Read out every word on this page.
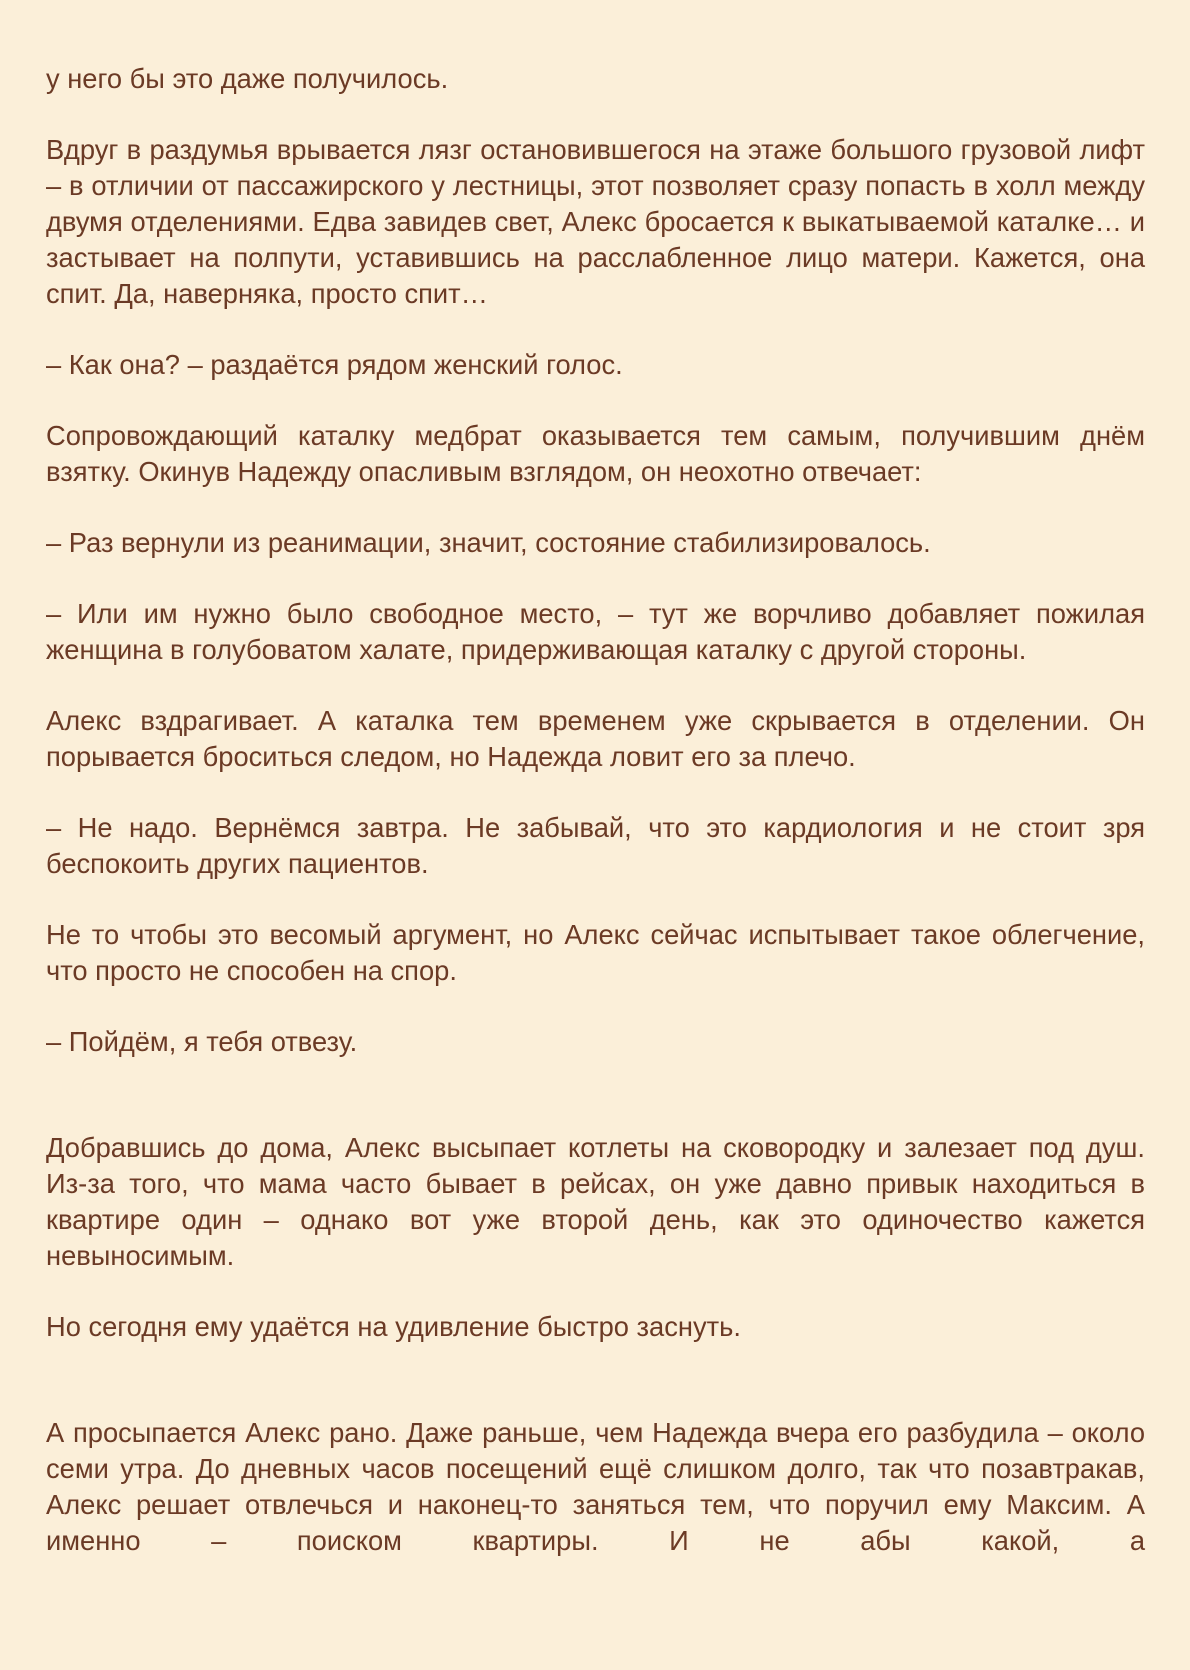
у него бы это даже получилось.

Вдруг в раздумья врывается лязг остановившегося на этаже большого грузовой лифт – в отличии от пассажирского у лестницы, этот позволяет сразу попасть в холл между двумя отделениями. Едва завидев свет, Алекс бросается к выкатываемой каталке… и застывает на полпути, уставившись на расслабленное лицо матери. Кажется, она спит. Да, наверняка, просто спит…

– Как она? – раздаётся рядом женский голос.

Сопровождающий каталку медбрат оказывается тем самым, получившим днём взятку. Окинув Надежду опасливым взглядом, он неохотно отвечает:

– Раз вернули из реанимации, значит, состояние стабилизировалось.

– Или им нужно было свободное место, – тут же ворчливо добавляет пожилая женщина в голубоватом халате, придерживающая каталку с другой стороны.

Алекс вздрагивает. А каталка тем временем уже скрывается в отделении. Он порывается броситься следом, но Надежда ловит его за плечо.

– Не надо. Вернёмся завтра. Не забывай, что это кардиология и не стоит зря беспокоить других пациентов.

Не то чтобы это весомый аргумент, но Алекс сейчас испытывает такое облегчение, что просто не способен на спор.

– Пойдём, я тебя отвезу.

Добравшись до дома, Алекс высыпает котлеты на сковородку и залезает под душ. Из-за того, что мама часто бывает в рейсах, он уже давно привык находиться в квартире один – однако вот уже второй день, как это одиночество кажется невыносимым.

Но сегодня ему удаётся на удивление быстро заснуть.

А просыпается Алекс рано. Даже раньше, чем Надежда вчера его разбудила – около семи утра. До дневных часов посещений ещё слишком долго, так что позавтракав, Алекс решает отвлечься и наконец-то заняться тем, что поручил ему Максим. А именно – поиском квартиры. И не абы какой, а
